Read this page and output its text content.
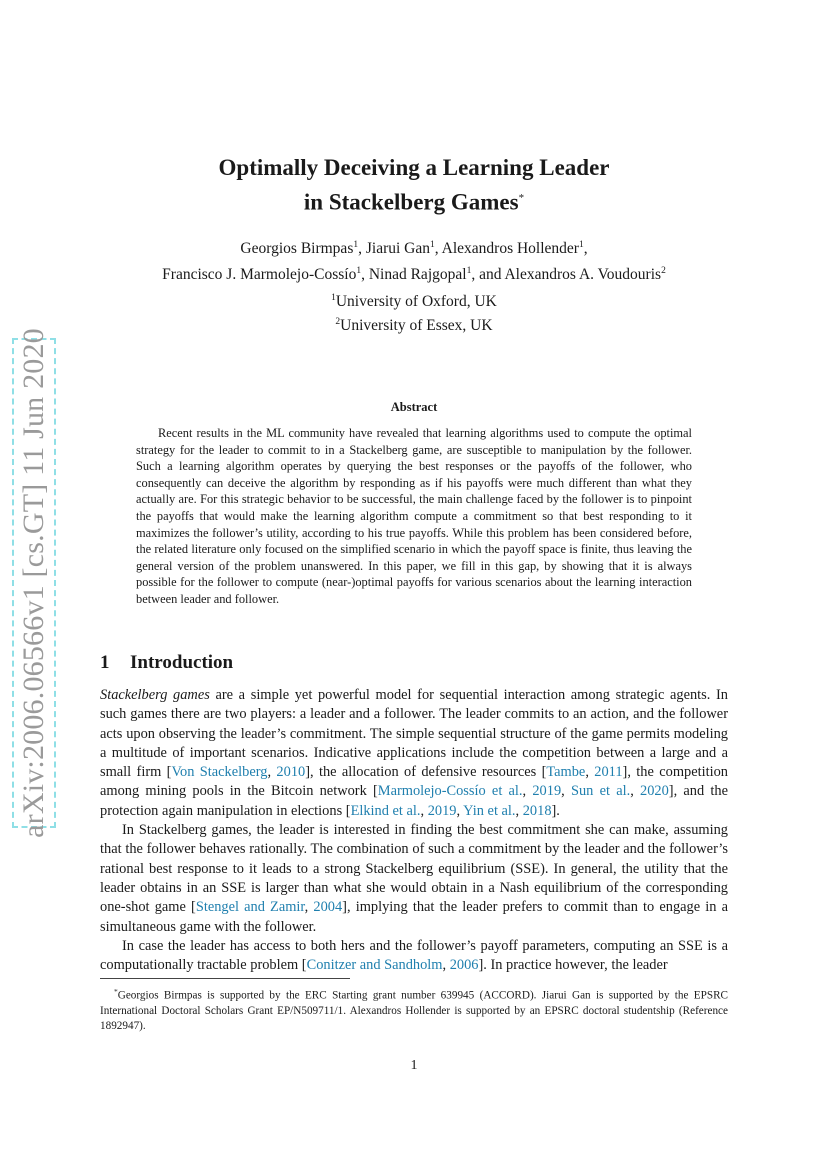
arXiv:2006.06566v1 [cs.GT] 11 Jun 2020
Optimally Deceiving a Learning Leader
in Stackelberg Games*
Georgios Birmpas$^1$, Jiarui Gan$^1$, Alexandros Hollender$^1$,
Francisco J. Marmolejo-Cossío$^1$, Ninad Rajgopal$^1$, and Alexandros A. Voudouris$^2$
$^1$University of Oxford, UK
$^2$University of Essex, UK
Abstract
Recent results in the ML community have revealed that learning algorithms used to compute the optimal strategy for the leader to commit to in a Stackelberg game, are susceptible to manipulation by the follower. Such a learning algorithm operates by querying the best responses or the payoffs of the follower, who consequently can deceive the algorithm by responding as if his payoffs were much different than what they actually are. For this strategic behavior to be successful, the main challenge faced by the follower is to pinpoint the payoffs that would make the learning algorithm compute a commitment so that best responding to it maximizes the follower’s utility, according to his true payoffs. While this problem has been considered before, the related literature only focused on the simplified scenario in which the payoff space is finite, thus leaving the general version of the problem unanswered. In this paper, we fill in this gap, by showing that it is always possible for the follower to compute (near-)optimal payoffs for various scenarios about the learning interaction between leader and follower.
1 Introduction

Stackelberg games are a simple yet powerful model for sequential interaction among strategic agents. In such games there are two players: a leader and a follower. The leader commits to an action, and the follower acts upon observing the leader’s commitment. The simple sequential structure of the game permits modeling a multitude of important scenarios. Indicative applications include the competition between a large and a small firm [Von Stackelberg, 2010], the allocation of defensive resources [Tambe, 2011], the competition among mining pools in the Bitcoin network [Marmolejo-Cossío et al., 2019, Sun et al., 2020], and the protection again manipulation in elections [Elkind et al., 2019, Yin et al., 2018].

In Stackelberg games, the leader is interested in finding the best commitment she can make, assuming that the follower behaves rationally. The combination of such a commitment by the leader and the follower’s rational best response to it leads to a strong Stackelberg equilibrium (SSE). In general, the utility that the leader obtains in an SSE is larger than what she would obtain in a Nash equilibrium of the corresponding one-shot game [Stengel and Zamir, 2004], implying that the leader prefers to commit than to engage in a simultaneous game with the follower.

In case the leader has access to both hers and the follower’s payoff parameters, computing an SSE is a computationally tractable problem [Conitzer and Sandholm, 2006]. In practice however, the leader

*Georgios Birmpas is supported by the ERC Starting grant number 639945 (ACCORD). Jiarui Gan is supported by the EPSRC International Doctoral Scholars Grant EP/N509711/1. Alexandros Hollender is supported by an EPSRC doctoral studentship (Reference 1892947).
1
